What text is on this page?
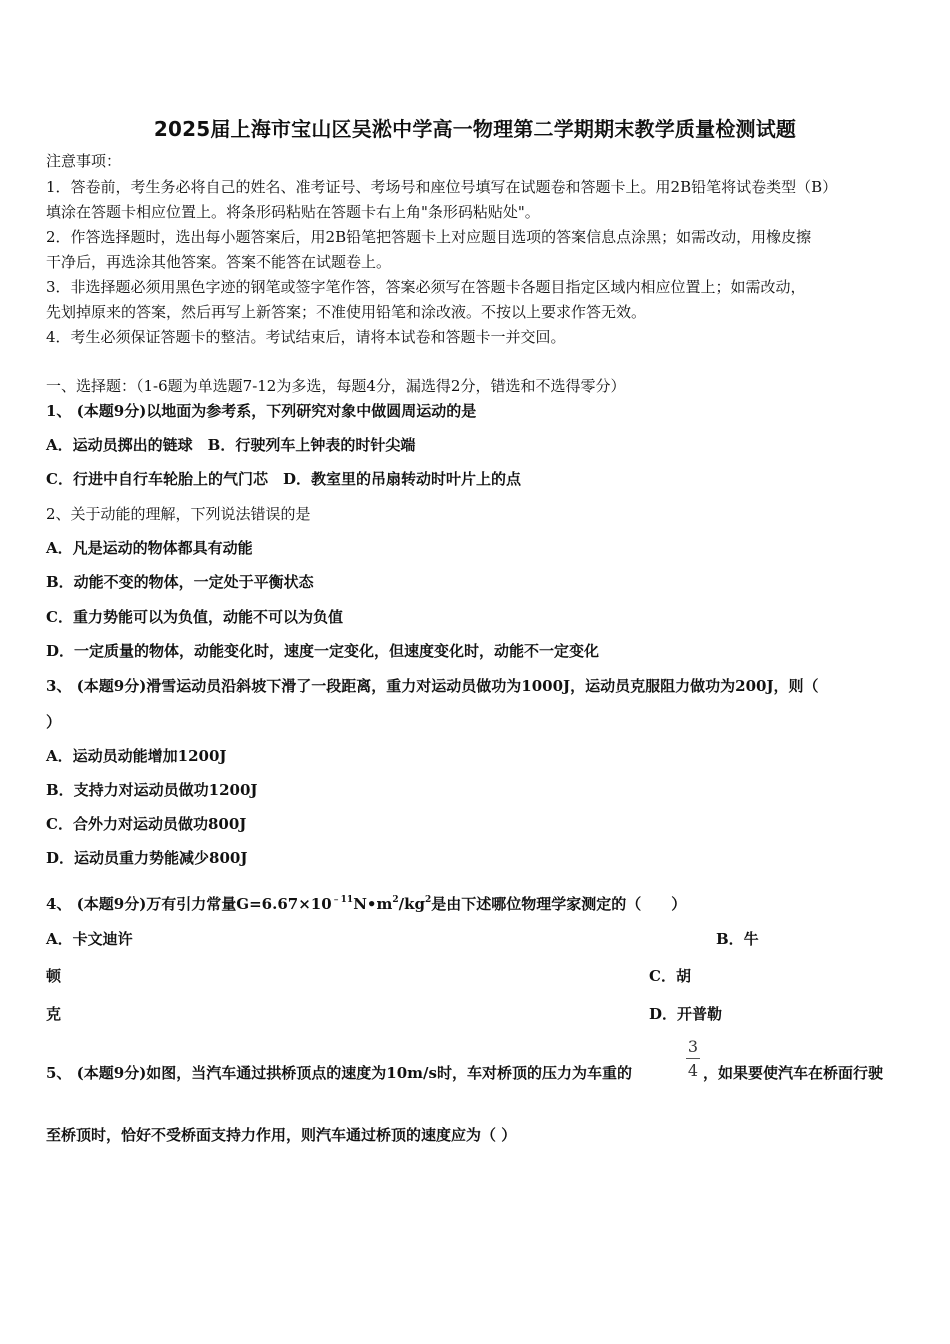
2025届上海市宝山区吴淞中学高一物理第二学期期末教学质量检测试题
注意事项：
1．答卷前，考生务必将自己的姓名、准考证号、考场号和座位号填写在试题卷和答题卡上。用2B铅笔将试卷类型（B）
填涂在答题卡相应位置上。将条形码粘贴在答题卡右上角"条形码粘贴处"。
2．作答选择题时，选出每小题答案后，用2B铅笔把答题卡上对应题目选项的答案信息点涂黑；如需改动，用橡皮擦
干净后，再选涂其他答案。答案不能答在试题卷上。
3．非选择题必须用黑色字迹的钢笔或签字笔作答，答案必须写在答题卡各题目指定区域内相应位置上；如需改动，
先划掉原来的答案，然后再写上新答案；不准使用铅笔和涂改液。不按以上要求作答无效。
4．考生必须保证答题卡的整洁。考试结束后，请将本试卷和答题卡一并交回。
一、选择题：（1-6题为单选题7-12为多选，每题4分，漏选得2分，错选和不选得零分）
1、 (本题9分)以地面为参考系，下列研究对象中做圆周运动的是
A．运动员掷出的链球　B．行驶列车上钟表的时针尖端
C．行进中自行车轮胎上的气门芯　D．教室里的吊扇转动时叶片上的点
2、关于动能的理解，下列说法错误的是
A．凡是运动的物体都具有动能
B．动能不变的物体，一定处于平衡状态
C．重力势能可以为负值，动能不可以为负值
D．一定质量的物体，动能变化时，速度一定变化，但速度变化时，动能不一定变化
3、 (本题9分)滑雪运动员沿斜坡下滑了一段距离，重力对运动员做功为1000J，运动员克服阻力做功为200J，则（
）
A．运动员动能增加1200J
B．支持力对运动员做功1200J
C．合外力对运动员做功800J
D．运动员重力势能减少800J
4、 (本题9分)万有引力常量$G=6.67\times 10^{﹣11}N•m^2/kg^2$是由下述哪位物理学家测定的（　　）
A．卡文迪许	B．牛
顿	C．胡
克	D．开普勒
5、 (本题9分)如图，当汽车通过拱桥顶点的速度为10m/s时，车对桥顶的压力为车重的
3
4 ，如果要使汽车在桥面行驶
至桥顶时，恰好不受桥面支持力作用，则汽车通过桥顶的速度应为（ ）
